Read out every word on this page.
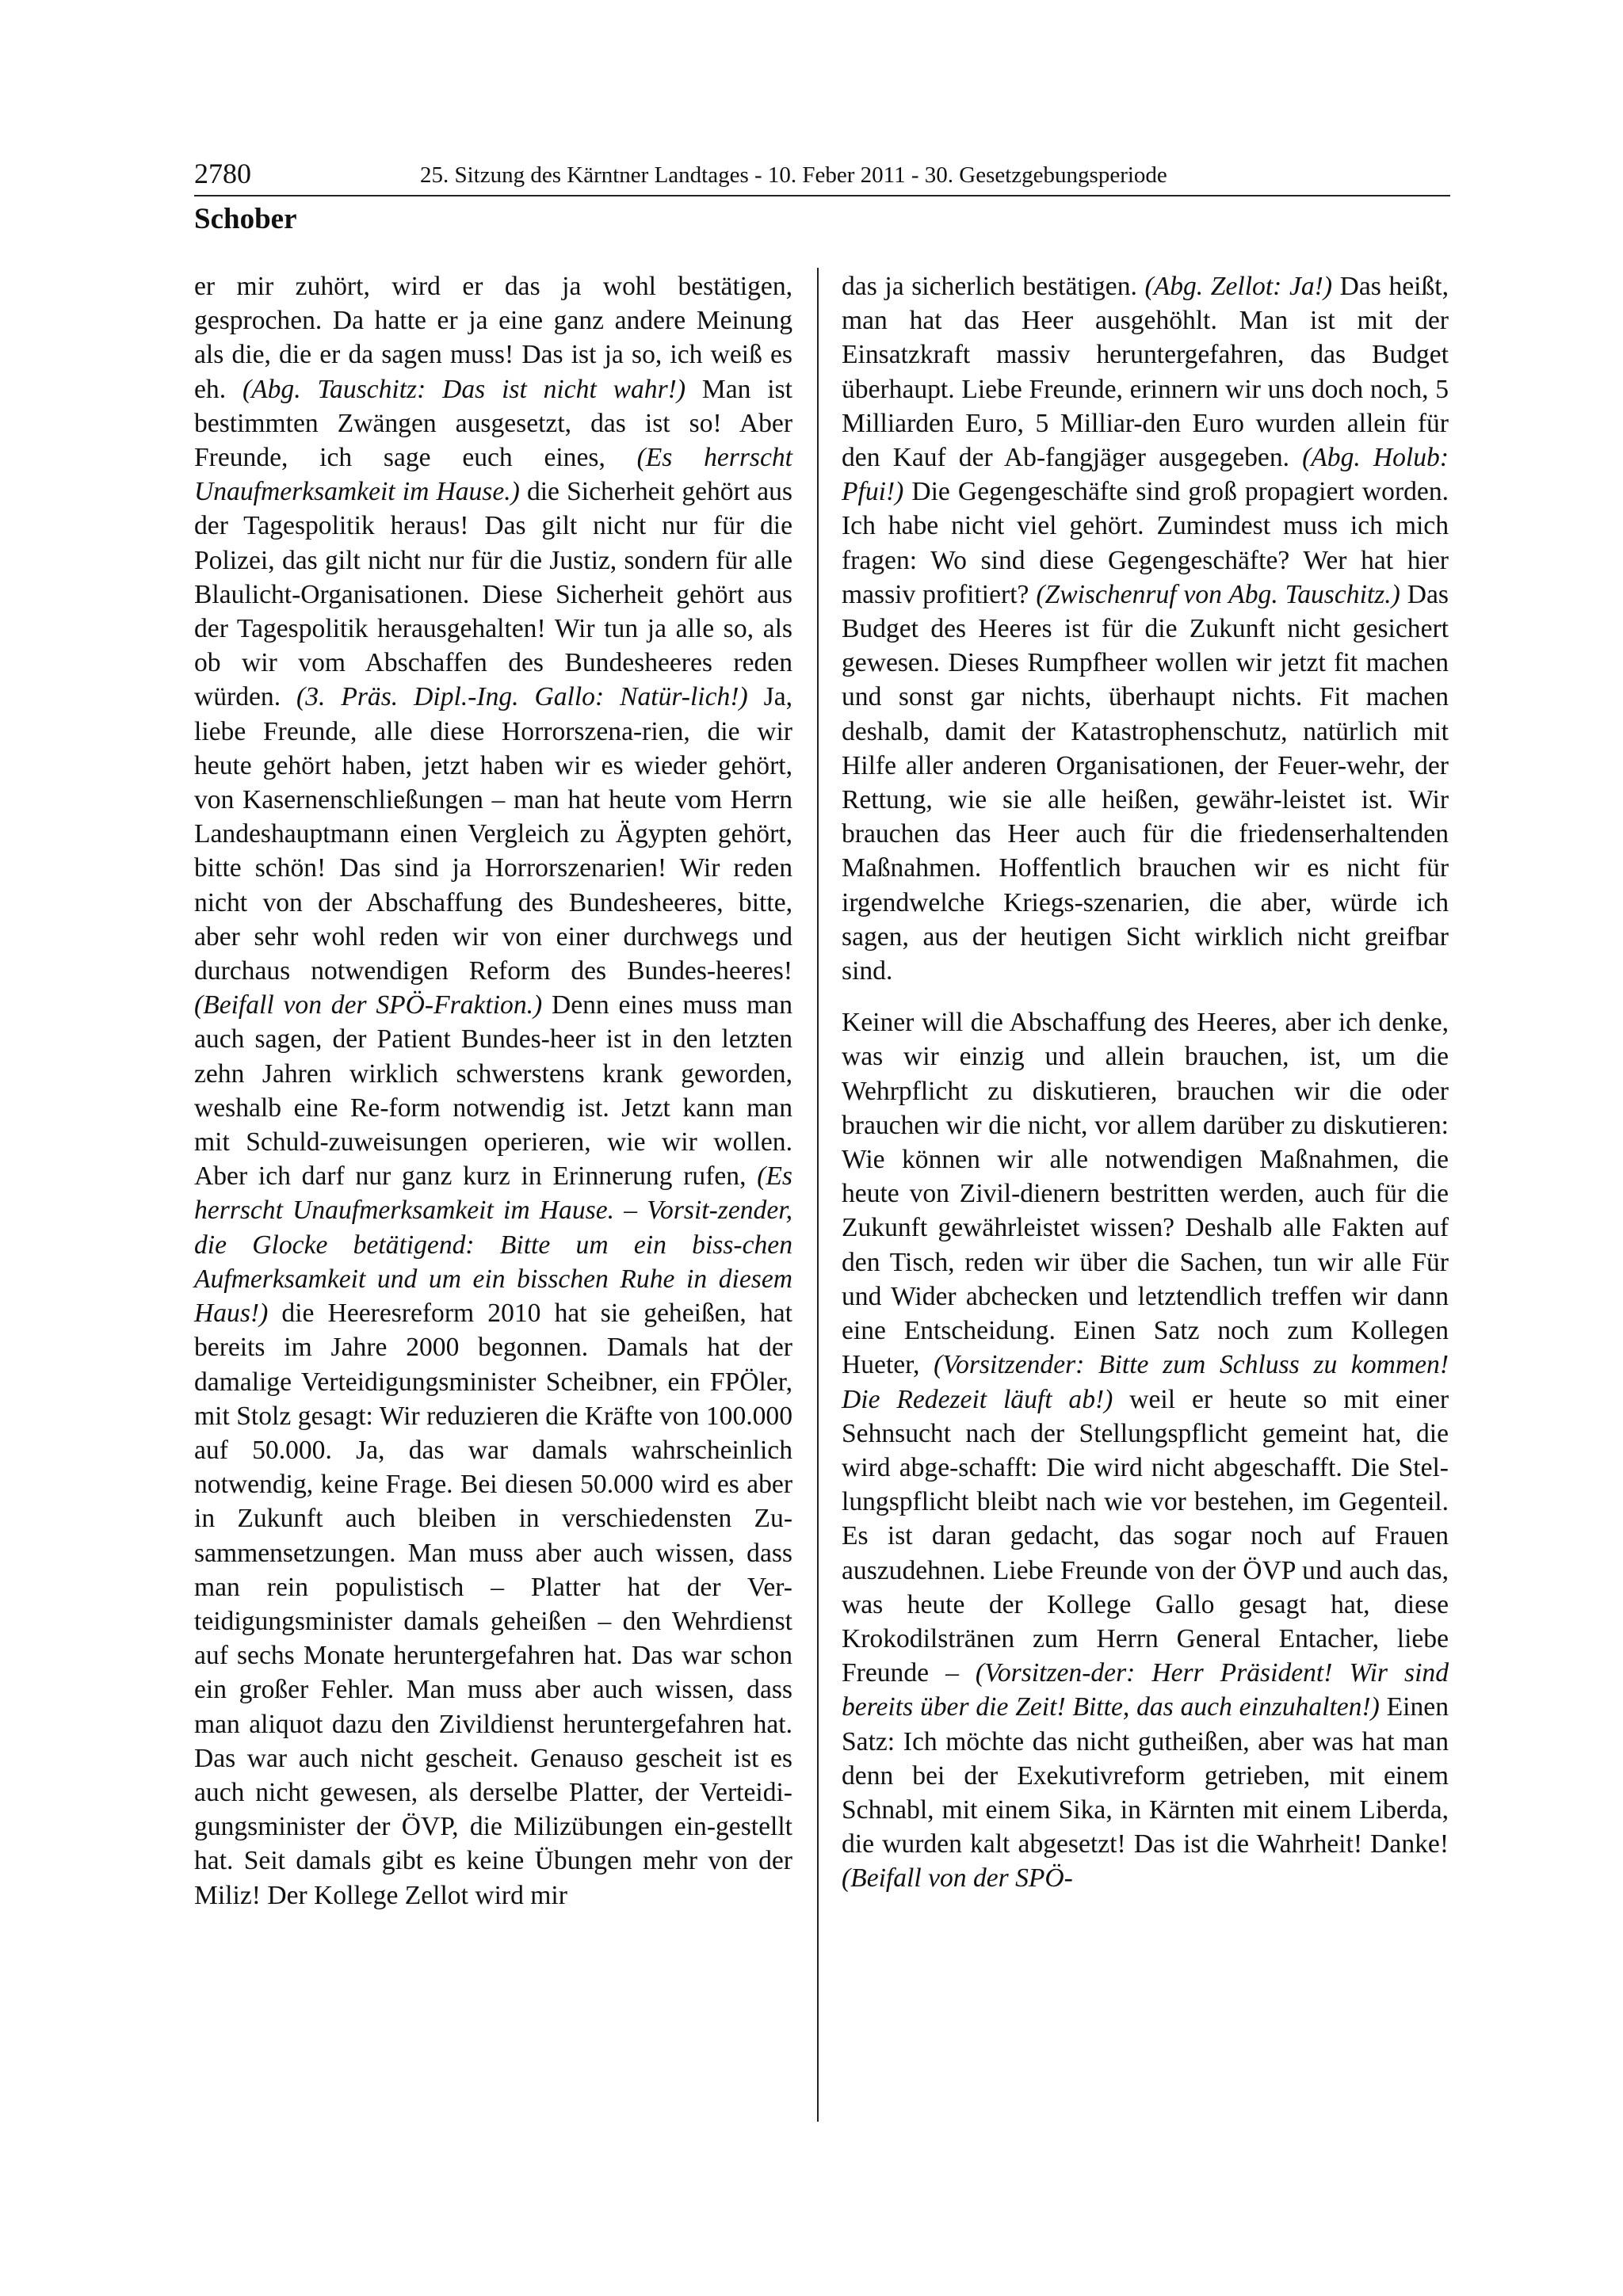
2780	25. Sitzung des Kärntner Landtages - 10. Feber 2011 - 30. Gesetzgebungsperiode
Schober

er mir zuhört, wird er das ja wohl bestätigen, gesprochen. Da hatte er ja eine ganz andere Meinung als die, die er da sagen muss! Das ist ja so, ich weiß es eh. (Abg. Tauschitz: Das ist nicht wahr!) Man ist bestimmten Zwängen ausgesetzt, das ist so! Aber Freunde, ich sage euch eines, (Es herrscht Unaufmerksamkeit im Hause.) die Sicherheit gehört aus der Tagespolitik heraus! Das gilt nicht nur für die Polizei, das gilt nicht nur für die Justiz, sondern für alle Blaulicht-Organisationen. Diese Sicherheit gehört aus der Tagespolitik herausgehalten! Wir tun ja alle so, als ob wir vom Abschaffen des Bundesheeres reden würden. (3. Präs. Dipl.-Ing. Gallo: Natür-lich!) Ja, liebe Freunde, alle diese Horrorszena-rien, die wir heute gehört haben, jetzt haben wir es wieder gehört, von Kasernenschließungen – man hat heute vom Herrn Landeshauptmann einen Vergleich zu Ägypten gehört, bitte schön! Das sind ja Horrorszenarien! Wir reden nicht von der Abschaffung des Bundesheeres, bitte, aber sehr wohl reden wir von einer durchwegs und durchaus notwendigen Reform des Bundes-heeres! (Beifall von der SPÖ-Fraktion.) Denn eines muss man auch sagen, der Patient Bundes-heer ist in den letzten zehn Jahren wirklich schwerstens krank geworden, weshalb eine Re-form notwendig ist. Jetzt kann man mit Schuld-zuweisungen operieren, wie wir wollen. Aber ich darf nur ganz kurz in Erinnerung rufen, (Es herrscht Unaufmerksamkeit im Hause. – Vorsit-zender, die Glocke betätigend: Bitte um ein biss-chen Aufmerksamkeit und um ein bisschen Ruhe in diesem Haus!) die Heeresreform 2010 hat sie geheißen, hat bereits im Jahre 2000 begonnen. Damals hat der damalige Verteidigungsminister Scheibner, ein FPÖler, mit Stolz gesagt: Wir reduzieren die Kräfte von 100.000 auf 50.000. Ja, das war damals wahrscheinlich notwendig, keine Frage. Bei diesen 50.000 wird es aber in Zukunft auch bleiben in verschiedensten Zu-sammensetzungen. Man muss aber auch wissen, dass man rein populistisch – Platter hat der Ver-teidigungsminister damals geheißen – den Wehrdienst auf sechs Monate heruntergefahren hat. Das war schon ein großer Fehler. Man muss aber auch wissen, dass man aliquot dazu den Zivildienst heruntergefahren hat. Das war auch nicht gescheit. Genauso gescheit ist es auch nicht gewesen, als derselbe Platter, der Verteidi-gungsminister der ÖVP, die Milizübungen ein-gestellt hat. Seit damals gibt es keine Übungen mehr von der Miliz! Der Kollege Zellot wird mir

das ja sicherlich bestätigen. (Abg. Zellot: Ja!) Das heißt, man hat das Heer ausgehöhlt. Man ist mit der Einsatzkraft massiv heruntergefahren, das Budget überhaupt. Liebe Freunde, erinnern wir uns doch noch, 5 Milliarden Euro, 5 Milliar-den Euro wurden allein für den Kauf der Ab-fangjäger ausgegeben. (Abg. Holub: Pfui!) Die Gegengeschäfte sind groß propagiert worden. Ich habe nicht viel gehört. Zumindest muss ich mich fragen: Wo sind diese Gegengeschäfte? Wer hat hier massiv profitiert? (Zwischenruf von Abg. Tauschitz.) Das Budget des Heeres ist für die Zukunft nicht gesichert gewesen. Dieses Rumpfheer wollen wir jetzt fit machen und sonst gar nichts, überhaupt nichts. Fit machen deshalb, damit der Katastrophenschutz, natürlich mit Hilfe aller anderen Organisationen, der Feuer-wehr, der Rettung, wie sie alle heißen, gewähr-leistet ist. Wir brauchen das Heer auch für die friedenserhaltenden Maßnahmen. Hoffentlich brauchen wir es nicht für irgendwelche Kriegs-szenarien, die aber, würde ich sagen, aus der heutigen Sicht wirklich nicht greifbar sind.

Keiner will die Abschaffung des Heeres, aber ich denke, was wir einzig und allein brauchen, ist, um die Wehrpflicht zu diskutieren, brauchen wir die oder brauchen wir die nicht, vor allem darüber zu diskutieren: Wie können wir alle notwendigen Maßnahmen, die heute von Zivil-dienern bestritten werden, auch für die Zukunft gewährleistet wissen? Deshalb alle Fakten auf den Tisch, reden wir über die Sachen, tun wir alle Für und Wider abchecken und letztendlich treffen wir dann eine Entscheidung. Einen Satz noch zum Kollegen Hueter, (Vorsitzender: Bitte zum Schluss zu kommen! Die Redezeit läuft ab!) weil er heute so mit einer Sehnsucht nach der Stellungspflicht gemeint hat, die wird abge-schafft: Die wird nicht abgeschafft. Die Stel-lungspflicht bleibt nach wie vor bestehen, im Gegenteil. Es ist daran gedacht, das sogar noch auf Frauen auszudehnen. Liebe Freunde von der ÖVP und auch das, was heute der Kollege Gallo gesagt hat, diese Krokodilstränen zum Herrn General Entacher, liebe Freunde – (Vorsitzen-der: Herr Präsident! Wir sind bereits über die Zeit! Bitte, das auch einzuhalten!) Einen Satz: Ich möchte das nicht gutheißen, aber was hat man denn bei der Exekutivreform getrieben, mit einem Schnabl, mit einem Sika, in Kärnten mit einem Liberda, die wurden kalt abgesetzt! Das ist die Wahrheit! Danke! (Beifall von der SPÖ-
